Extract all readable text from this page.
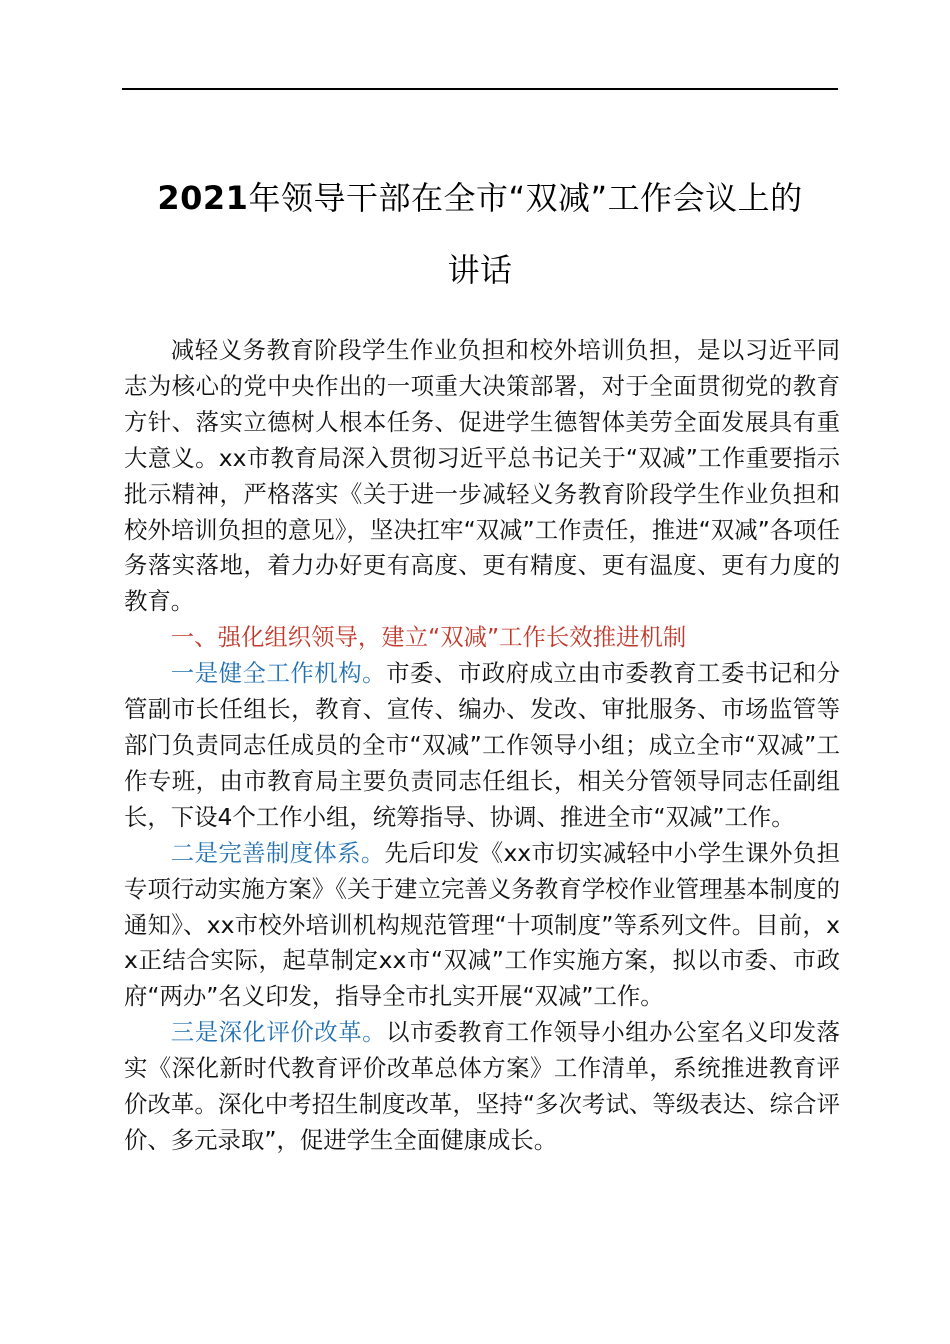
2021年领导干部在全市“双减”工作会议上的
讲话

减轻义务教育阶段学生作业负担和校外培训负担，是以习近平同志为核心的党中央作出的一项重大决策部署，对于全面贯彻党的教育方针、落实立德树人根本任务、促进学生德智体美劳全面发展具有重大意义。xx市教育局深入贯彻习近平总书记关于“双减”工作重要指示批示精神，严格落实《关于进一步减轻义务教育阶段学生作业负担和校外培训负担的意见》，坚决扛牢“双减”工作责任，推进“双减”各项任务落实落地，着力办好更有高度、更有精度、更有温度、更有力度的教育。

一、强化组织领导，建立“双减”工作长效推进机制

一是健全工作机构。市委、市政府成立由市委教育工委书记和分管副市长任组长，教育、宣传、编办、发改、审批服务、市场监管等部门负责同志任成员的全市“双减”工作领导小组；成立全市“双减”工作专班，由市教育局主要负责同志任组长，相关分管领导同志任副组长，下设4个工作小组，统筹指导、协调、推进全市“双减”工作。

二是完善制度体系。先后印发《xx市切实减轻中小学生课外负担专项行动实施方案》《关于建立完善义务教育学校作业管理基本制度的通知》、xx市校外培训机构规范管理“十项制度”等系列文件。目前，xx正结合实际，起草制定xx市“双减”工作实施方案，拟以市委、市政府“两办”名义印发，指导全市扎实开展“双减”工作。

三是深化评价改革。以市委教育工作领导小组办公室名义印发落实《深化新时代教育评价改革总体方案》工作清单，系统推进教育评价改革。深化中考招生制度改革，坚持“多次考试、等级表达、综合评价、多元录取”，促进学生全面健康成长。
